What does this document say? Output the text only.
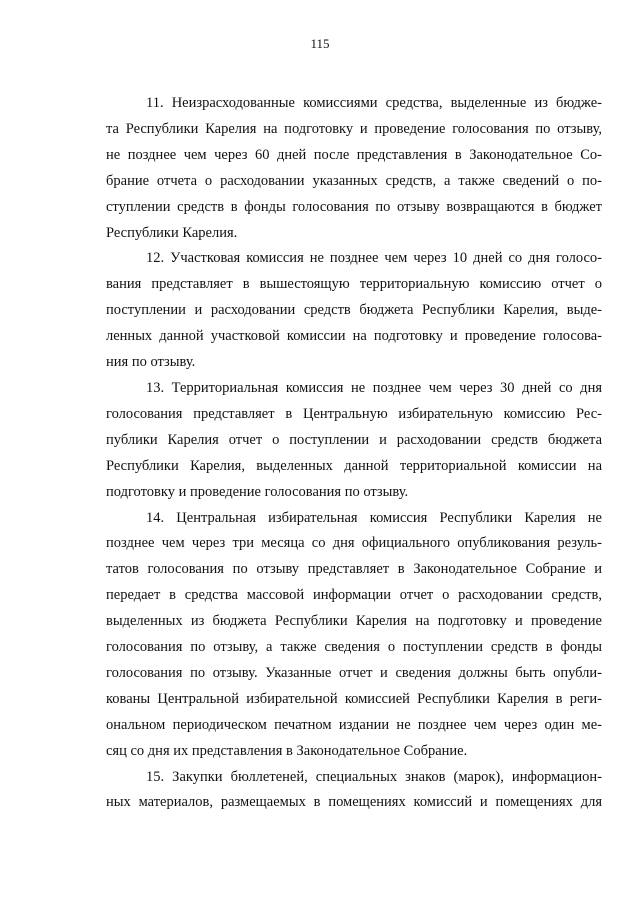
115
11. Неизрасходованные комиссиями средства, выделенные из бюдже-
та Республики Карелия на подготовку и проведение голосования по отзыву,
не позднее чем через 60 дней после представления в Законодательное Со-
брание отчета о расходовании указанных средств, а также сведений о по-
ступлении средств в фонды голосования по отзыву возвращаются в бюджет
Республики Карелия.
12. Участковая комиссия не позднее чем через 10 дней со дня голосо-
вания представляет в вышестоящую территориальную комиссию отчет о
поступлении и расходовании средств бюджета Республики Карелия, выде-
ленных данной участковой комиссии на подготовку и проведение голосова-
ния по отзыву.
13. Территориальная комиссия не позднее чем через 30 дней со дня
голосования представляет в Центральную избирательную комиссию Рес-
публики Карелия отчет о поступлении и расходовании средств бюджета
Республики Карелия, выделенных данной территориальной комиссии на
подготовку и проведение голосования по отзыву.
14. Центральная избирательная комиссия Республики Карелия не
позднее чем через три месяца со дня официального опубликования резуль-
татов голосования по отзыву представляет в Законодательное Собрание и
передает в средства массовой информации отчет о расходовании средств,
выделенных из бюджета Республики Карелия на подготовку и проведение
голосования по отзыву, а также сведения о поступлении средств в фонды
голосования по отзыву. Указанные отчет и сведения должны быть опубли-
кованы Центральной избирательной комиссией Республики Карелия в реги-
ональном периодическом печатном издании не позднее чем через один ме-
сяц со дня их представления в Законодательное Собрание.
15. Закупки бюллетеней, специальных знаков (марок), информацион-
ных материалов, размещаемых в помещениях комиссий и помещениях для
